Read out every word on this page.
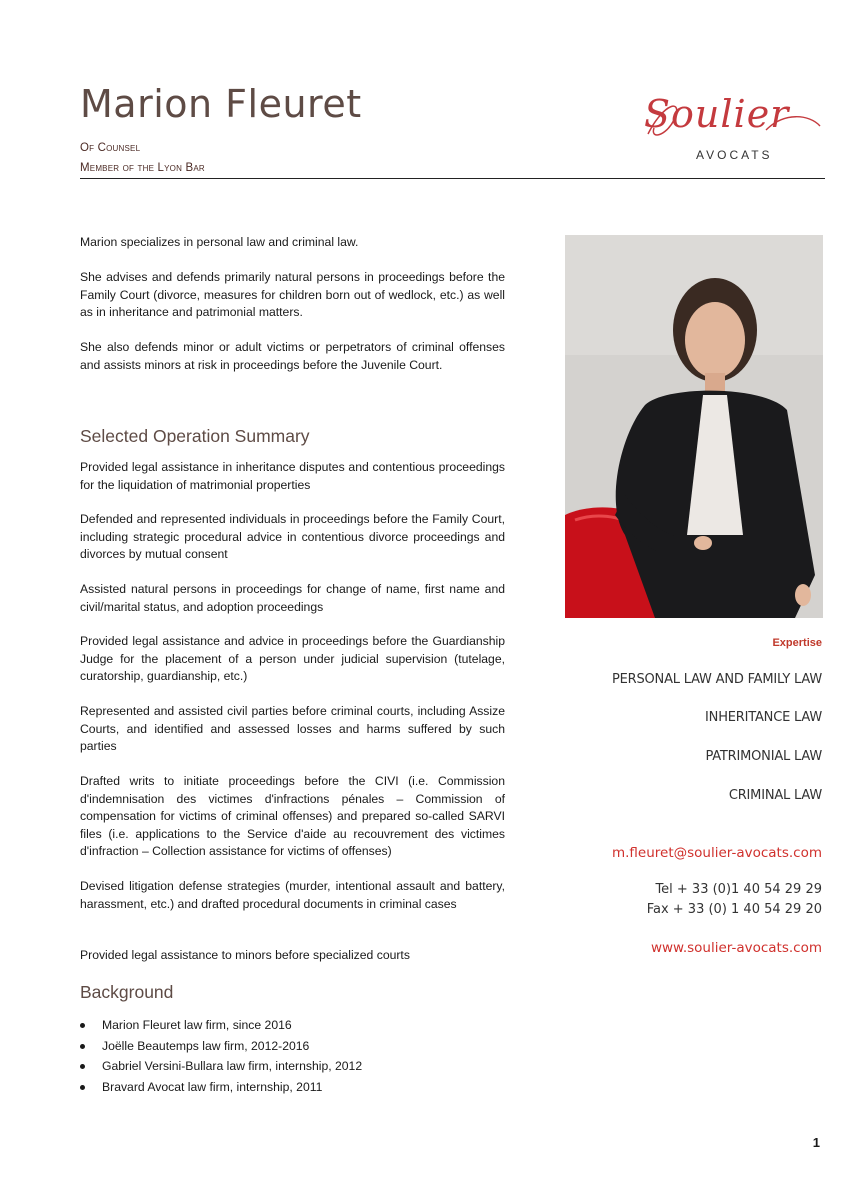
Marion Fleuret
Of Counsel
Member of the Lyon Bar
Soulier
AVOCATS

Marion specializes in personal law and criminal law.

She advises and defends primarily natural persons in proceedings before the Family Court (divorce, measures for children born out of wedlock, etc.) as well as in inheritance and patrimonial matters.

She also defends minor or adult victims or perpetrators of criminal offenses and assists minors at risk in proceedings before the Juvenile Court.

Selected Operation Summary

Provided legal assistance in inheritance disputes and contentious proceedings for the liquidation of matrimonial properties

Defended and represented individuals in proceedings before the Family Court, including strategic procedural advice in contentious divorce proceedings and divorces by mutual consent

Assisted natural persons in proceedings for change of name, first name and civil/marital status, and adoption proceedings

Provided legal assistance and advice in proceedings before the Guardianship Judge for the placement of a person under judicial supervision (tutelage, curatorship, guardianship, etc.)

Represented and assisted civil parties before criminal courts, including Assize Courts, and identified and assessed losses and harms suffered by such parties

Drafted writs to initiate proceedings before the CIVI (i.e. Commission d'indemnisation des victimes d'infractions pénales – Commission of compensation for victims of criminal offenses) and prepared so-called SARVI files (i.e. applications to the Service d'aide au recouvrement des victimes d'infraction – Collection assistance for victims of offenses)

Devised litigation defense strategies (murder, intentional assault and battery, harassment, etc.) and drafted procedural documents in criminal cases

Provided legal assistance to minors before specialized courts

Background
Marion Fleuret law firm, since 2016
Joëlle Beautemps law firm, 2012-2016
Gabriel Versini-Bullara law firm, internship, 2012
Bravard Avocat law firm, internship, 2011
Expertise
PERSONAL LAW AND FAMILY LAW
INHERITANCE LAW
PATRIMONIAL LAW
CRIMINAL LAW
m.fleuret@soulier-avocats.com
Tel + 33 (0)1 40 54 29 29
Fax + 33 (0) 1 40 54 29 20
www.soulier-avocats.com
1
